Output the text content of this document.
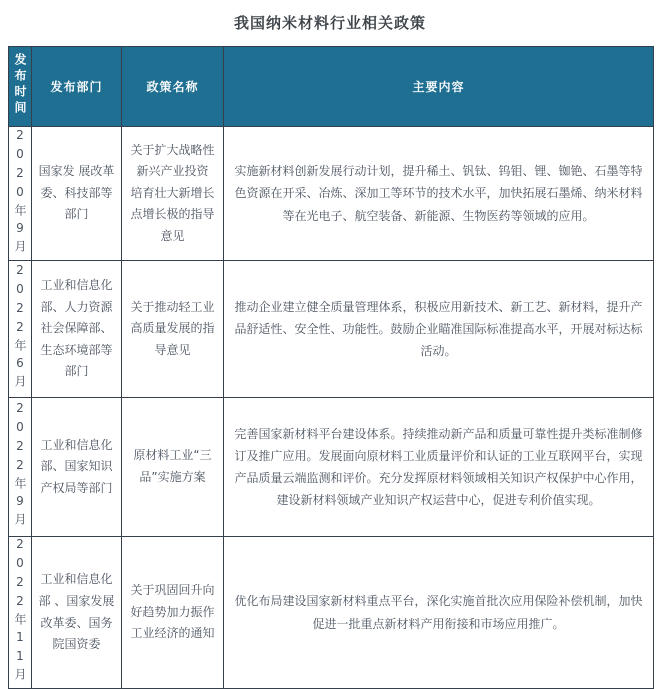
我国纳米材料行业相关政策
发布时间	发布部门	政策名称	主要内容
2020年9月	国家发 展改革委、科技部等部门	关于扩大战略性新兴产业投资 培育壮大新增长点增长极的指导意见	实施新材料创新发展行动计划，提升稀土、钒钛、钨钼、锂、铷铯、石墨等特色资源在开采、冶炼、深加工等环节的技术水平，加快拓展石墨烯、纳米材料等在光电子、航空装备、新能源、生物医药等领域的应用。
2022年6月	工业和信息化部、人力资源社会保障部、生态环境部等部门	关于推动轻工业高质量发展的指导意见	推动企业建立健全质量管理体系，积极应用新技术、新工艺、新材料，提升产品舒适性、安全性、功能性。鼓励企业瞄准国际标准提高水平，开展对标达标活动。
2022年9月	工业和信息化部、国家知识产权局等部门	原材料工业“三品”实施方案	完善国家新材料平台建设体系。持续推动新产品和质量可靠性提升类标准制修订及推广应用。发展面向原材料工业质量评价和认证的工业互联网平台，实现产品质量云端监测和评价。充分发挥原材料领域相关知识产权保护中心作用，建设新材料领域产业知识产权运营中心，促进专利价值实现。
2022年11月	工业和信息化部 、国家发展改革委、国务院国资委	关于巩固回升向好趋势加力振作工业经济的通知	优化布局建设国家新材料重点平台，深化实施首批次应用保险补偿机制，加快促进一批重点新材料产用衔接和市场应用推广。
